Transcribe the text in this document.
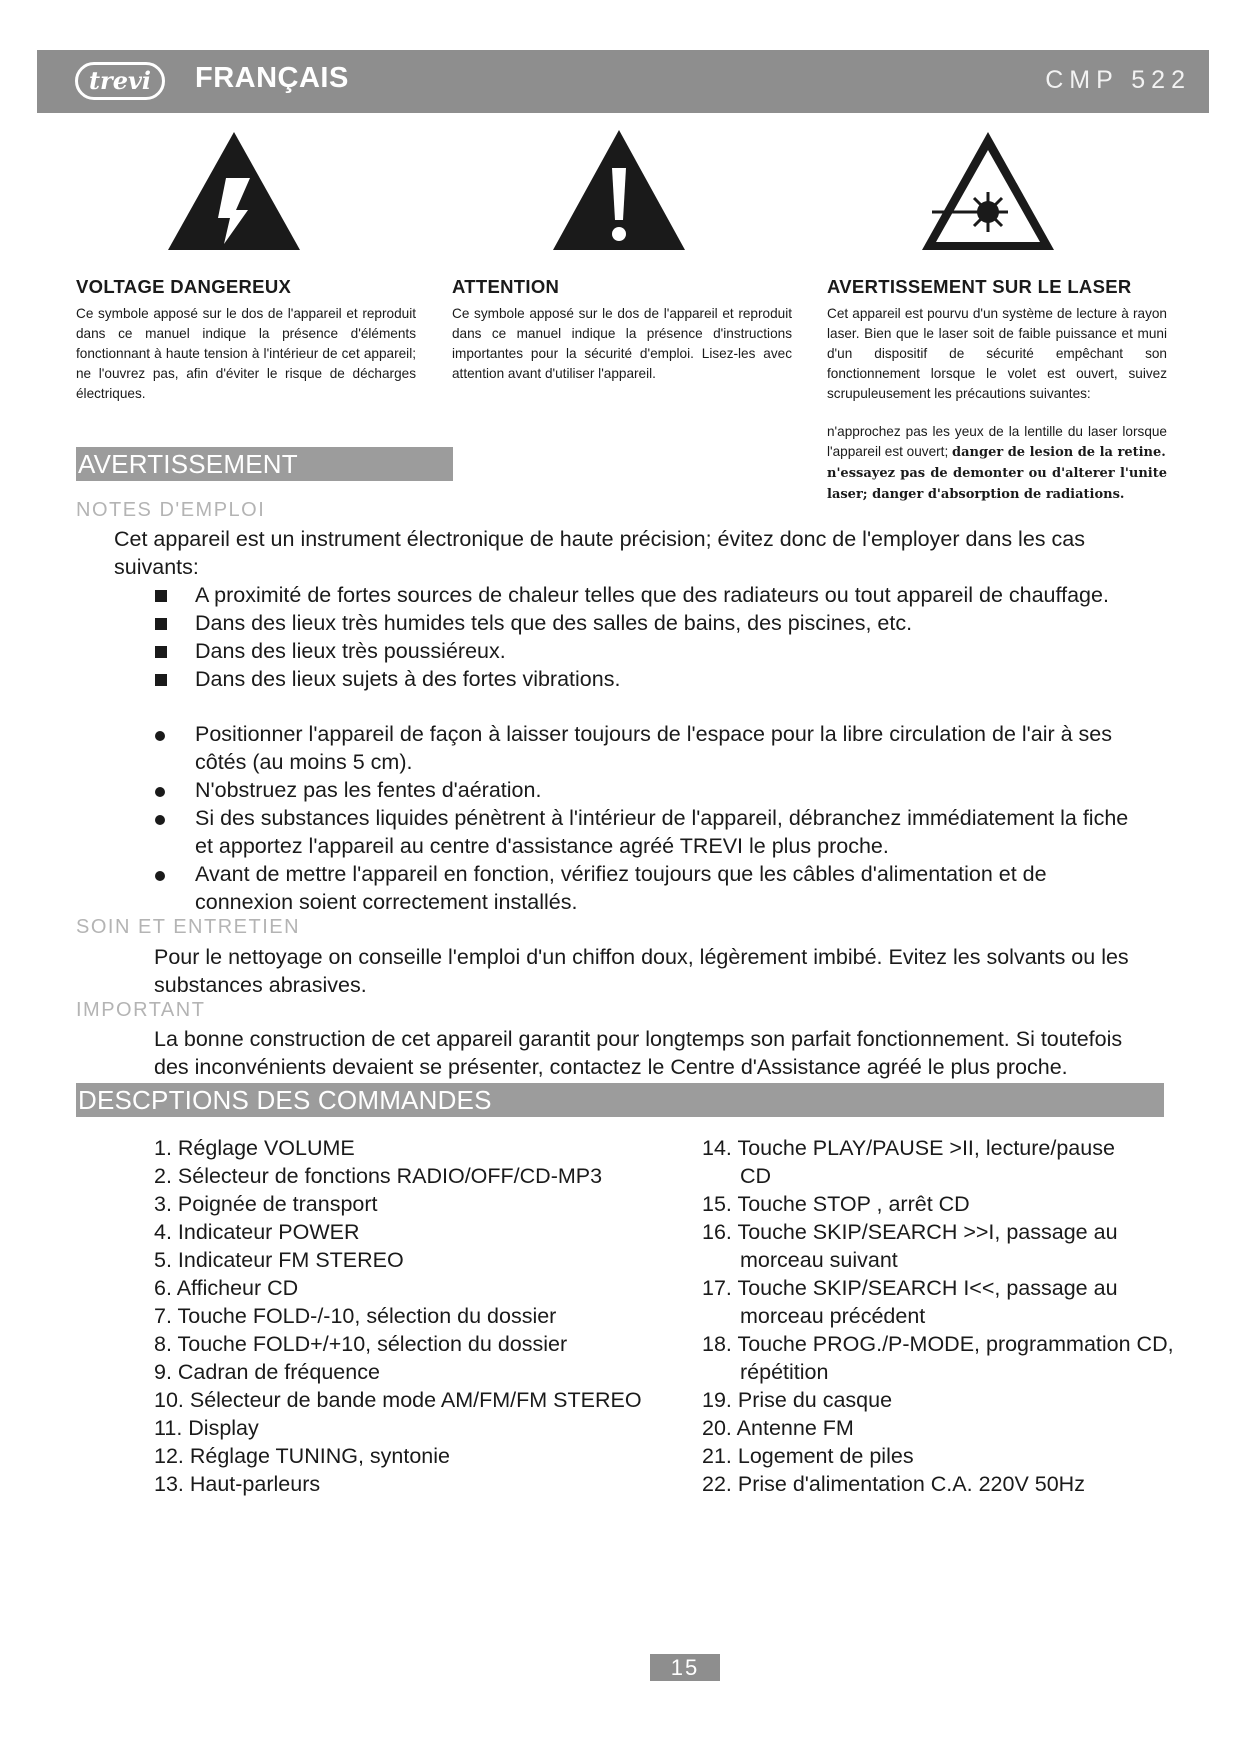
trevi	FRANÇAIS	CMP 522

VOLTAGE DANGEREUX

Ce symbole apposé sur le dos de l'appareil et reproduit dans ce manuel indique la présence d'éléments fonctionnant à haute tension à l'intérieur de cet appareil; ne l'ouvrez pas, afin d'éviter le risque de décharges électriques.

ATTENTION

Ce symbole apposé sur le dos de l'appareil et reproduit dans ce manuel indique la présence d'instructions importantes pour la sécurité d'emploi. Lisez-les avec attention avant d'utiliser l'appareil.

AVERTISSEMENT SUR LE LASER

Cet appareil est pourvu d'un système de lecture à rayon laser. Bien que le laser soit de faible puissance et muni d'un dispositif de sécurité empêchant son fonctionnement lorsque le volet est ouvert, suivez scrupuleusement les précautions suivantes:

n'approchez pas les yeux de la lentille du laser lorsque l'appareil est ouvert; danger de lesion de la retine.
n'essayez pas de demonter ou d'alterer l'unite laser; danger d'absorption de radiations.
AVERTISSEMENT
NOTES D'EMPLOI

Cet appareil est un instrument électronique de haute précision; évitez donc de l'employer dans les cas suivants:

A proximité de fortes sources de chaleur telles que des radiateurs ou tout appareil de chauffage.
Dans des lieux très humides tels que des salles de bains, des piscines, etc.
Dans des lieux très poussiéreux.
Dans des lieux sujets à des fortes vibrations.
Positionner l'appareil de façon à laisser toujours de l'espace pour la libre circulation de l'air à ses côtés (au moins 5 cm).
N'obstruez pas les fentes d'aération.
Si des substances liquides pénètrent à l'intérieur de l'appareil, débranchez immédiatement la fiche et apportez l'appareil au centre d'assistance agréé TREVI le plus proche.
Avant de mettre l'appareil en fonction, vérifiez toujours que les câbles d'alimentation et de connexion soient correctement installés.
SOIN ET ENTRETIEN

Pour le nettoyage on conseille l'emploi d'un chiffon doux, légèrement imbibé. Evitez les solvants ou les substances abrasives.

IMPORTANT

La bonne construction de cet appareil garantit pour longtemps son parfait fonctionnement. Si toutefois des inconvénients devaient se présenter, contactez le Centre d'Assistance agréé le plus proche.

DESCPTIONS DES COMMANDES
1. Réglage VOLUME
2. Sélecteur de fonctions RADIO/OFF/CD-MP3
3. Poignée de transport
4. Indicateur POWER
5. Indicateur FM STEREO
6. Afficheur CD
7. Touche FOLD-/-10, sélection du dossier
8. Touche FOLD+/+10, sélection du dossier
9. Cadran de fréquence
10. Sélecteur de bande mode AM/FM/FM STEREO
11. Display
12. Réglage TUNING, syntonie
13. Haut-parleurs
14. Touche PLAY/PAUSE >II, lecture/pause
CD
15. Touche STOP , arrêt CD
16. Touche SKIP/SEARCH >>I, passage au
morceau suivant
17. Touche SKIP/SEARCH I<<, passage au
morceau précédent
18. Touche PROG./P-MODE, programmation CD,
répétition
19. Prise du casque
20. Antenne FM
21. Logement de piles
22. Prise d'alimentation C.A. 220V 50Hz
15
